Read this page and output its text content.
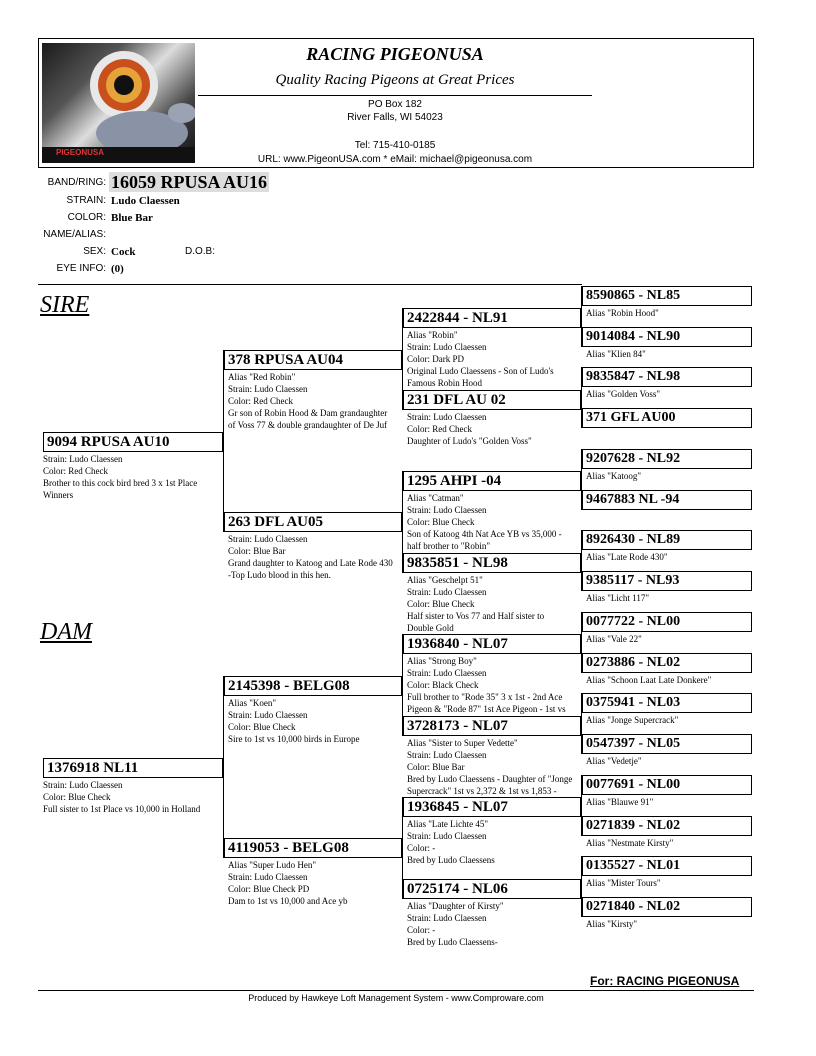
PIGEONUSA
RACING PIGEONUSA
Quality Racing Pigeons at Great Prices
PO Box 182
River Falls, WI 54023
Tel: 715-410-0185
URL: www.PigeonUSA.com * eMail: michael@pigeonusa.com
BAND/RING: 16059 RPUSA AU16
STRAIN: Ludo Claessen
COLOR: Blue Bar
NAME/ALIAS:
SEX: Cock	D.O.B:
EYE INFO: (0)
SIRE
DAM
9094 RPUSA AU10
Strain: Ludo Claessen
Color: Red Check
Brother to this cock bird bred 3 x 1st Place
Winners
1376918 NL11
Strain: Ludo Claessen
Color: Blue Check
Full sister to 1st Place vs 10,000 in Holland
378 RPUSA AU04
Alias "Red Robin"
Strain: Ludo Claessen
Color: Red Check
Gr son of Robin Hood & Dam grandaughter
of Voss 77 & double grandaughter of De Juf
263 DFL AU05
Strain: Ludo Claessen
Color: Blue Bar
Grand daughter to Katoog and Late Rode 430
-Top Ludo blood in this hen.
2145398 - BELG08
Alias "Koen"
Strain: Ludo Claessen
Color: Blue Check
Sire to 1st vs 10,000 birds in Europe
4119053 - BELG08
Alias "Super Ludo Hen"
Strain: Ludo Claessen
Color: Blue Check PD
Dam to 1st vs 10,000 and Ace yb
2422844 - NL91
Alias "Robin"
Strain: Ludo Claessen
Color: Dark PD
Original Ludo Claessens - Son of Ludo's
Famous Robin Hood
231 DFL AU 02
Strain: Ludo Claessen
Color: Red Check
Daughter of Ludo's "Golden Voss"
1295 AHPI -04
Alias "Catman"
Strain: Ludo Claessen
Color: Blue Check
Son of Katoog 4th Nat Ace YB vs 35,000 -
half brother to "Robin"
9835851 - NL98
Alias "Geschelpt 51"
Strain: Ludo Claessen
Color: Blue Check
Half sister to Vos 77 and Half sister to
Double Gold
1936840 - NL07
Alias "Strong Boy"
Strain: Ludo Claessen
Color: Black Check
Full brother to "Rode 35" 3 x 1st - 2nd Ace
Pigeon & "Rode 87" 1st Ace Pigeon - 1st vs
3728173 - NL07
Alias "Sister to Super Vedette"
Strain: Ludo Claessen
Color: Blue Bar
Bred by Ludo Claessens - Daughter of "Jonge
Supercrack" 1st vs 2,372 & 1st vs 1,853 -
1936845 - NL07
Alias "Late Lichte 45"
Strain: Ludo Claessen
Color: -
Bred by Ludo Claessens
0725174 - NL06
Alias "Daughter of Kirsty"
Strain: Ludo Claessen
Color: -
Bred by Ludo Claessens-
8590865 - NL85
Alias "Robin Hood"
9014084 - NL90
Alias "Klien 84"
9835847 - NL98
Alias "Golden Voss"
371 GFL AU00
9207628 - NL92
Alias "Katoog"
9467883 NL -94
8926430 - NL89
Alias "Late Rode 430"
9385117 - NL93
Alias "Licht 117"
0077722 - NL00
Alias "Vale 22"
0273886 - NL02
Alias "Schoon Laat Late Donkere"
0375941 - NL03
Alias "Jonge Supercrack"
0547397 - NL05
Alias "Vedetje"
0077691 - NL00
Alias "Blauwe 91"
0271839 - NL02
Alias "Nestmate Kirsty"
0135527 - NL01
Alias "Mister Tours"
0271840 - NL02
Alias "Kirsty"
For: RACING PIGEONUSA
Produced by Hawkeye Loft Management System - www.Comproware.com
